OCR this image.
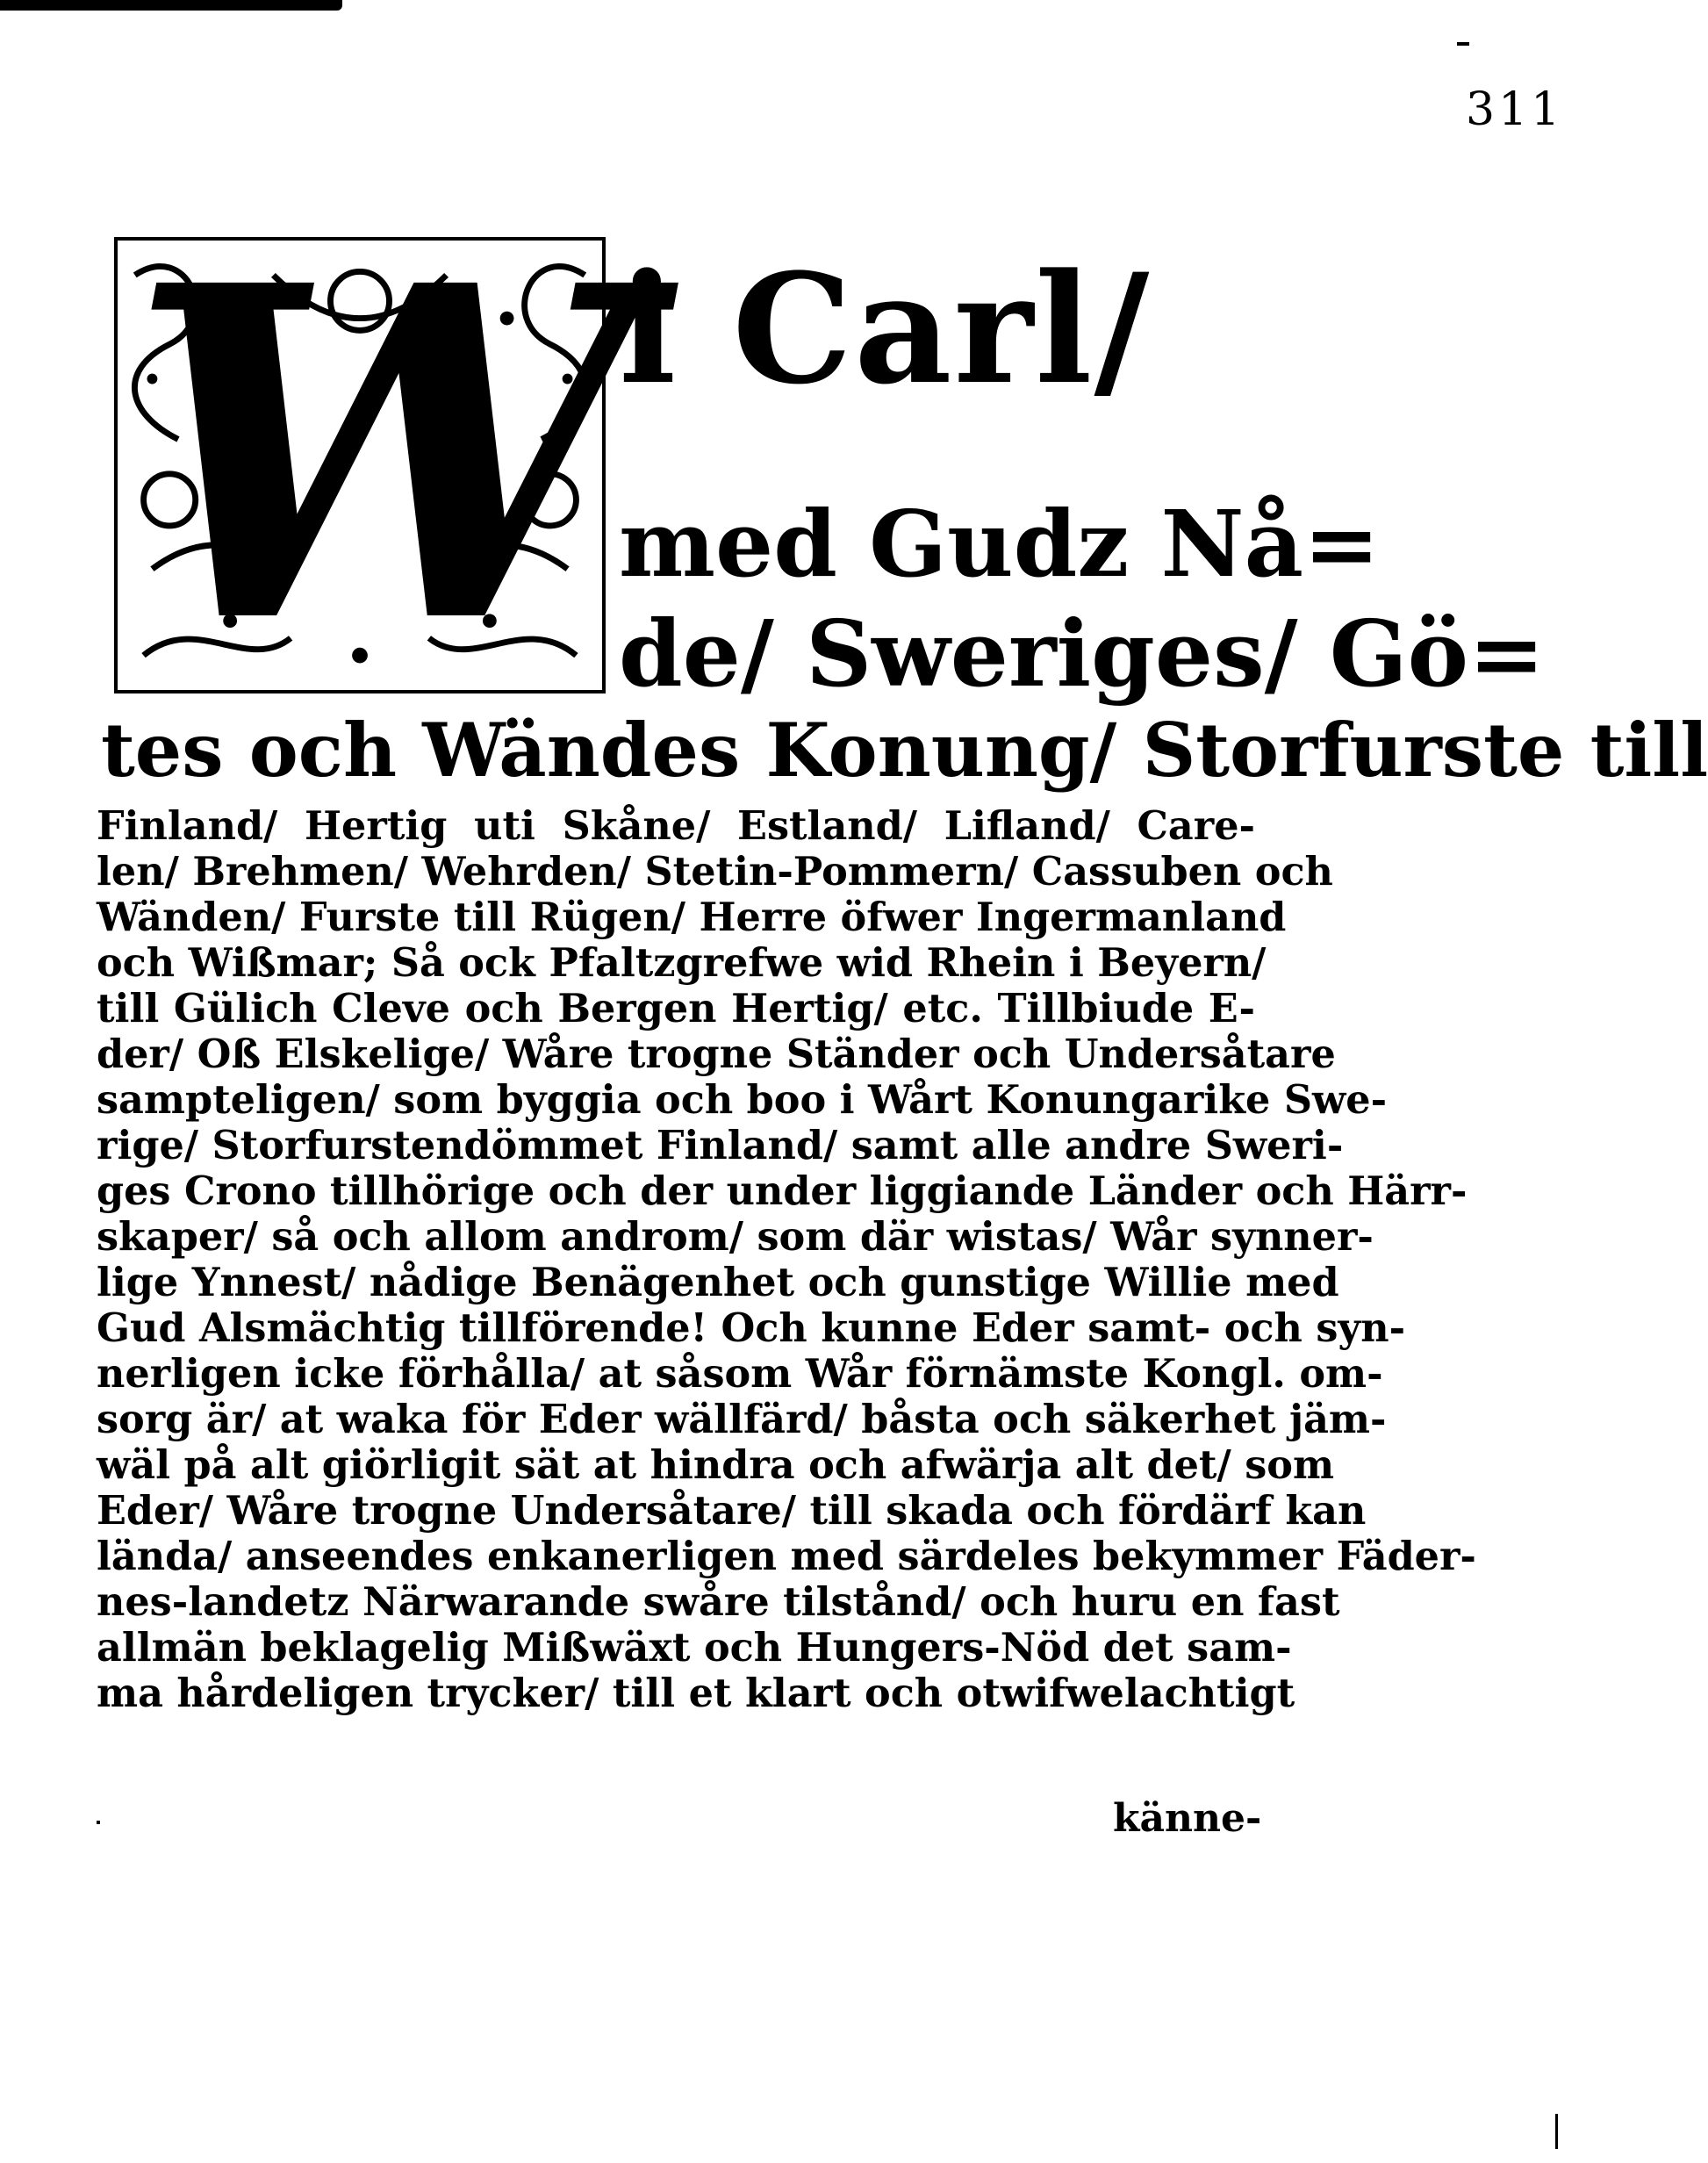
311
W
i Carl/
med Gudz Nå=
de/ Sweriges/ Gö=
tes och Wändes Konung/ Storfurste till
Finland/ Hertig uti Skåne/ Estland/ Lifland/ Care-
len/ Brehmen/ Wehrden/ Stetin-Pommern/ Cassuben och
Wänden/ Furste till Rügen/ Herre öfwer Ingermanland
och Wißmar; Så ock Pfaltzgrefwe wid Rhein i Beyern/
till Gülich Cleve och Bergen Hertig/ etc. Tillbiude E-
der/ Oß Elskelige/ Wåre trogne Ständer och Undersåtare
sampteligen/ som byggia och boo i Wårt Konungarike Swe-
rige/ Storfurstendömmet Finland/ samt alle andre Sweri-
ges Crono tillhörige och der under liggiande Länder och Härr-
skaper/ så och allom androm/ som där wistas/ Wår synner-
lige Ynnest/ nådige Benägenhet och gunstige Willie med
Gud Alsmächtig tillförende! Och kunne Eder samt- och syn-
nerligen icke förhålla/ at såsom Wår förnämste Kongl. om-
sorg är/ at waka för Eder wällfärd/ båsta och säkerhet jäm-
wäl på alt giörligit sät at hindra och afwärja alt det/ som
Eder/ Wåre trogne Undersåtare/ till skada och fördärf kan
lända/ anseendes enkanerligen med särdeles bekymmer Fäder-
nes-landetz Närwarande swåre tilstånd/ och huru en fast
allmän beklagelig Mißwäxt och Hungers-Nöd det sam-
ma hårdeligen trycker/ till et klart och otwifwelachtigt
känne-
